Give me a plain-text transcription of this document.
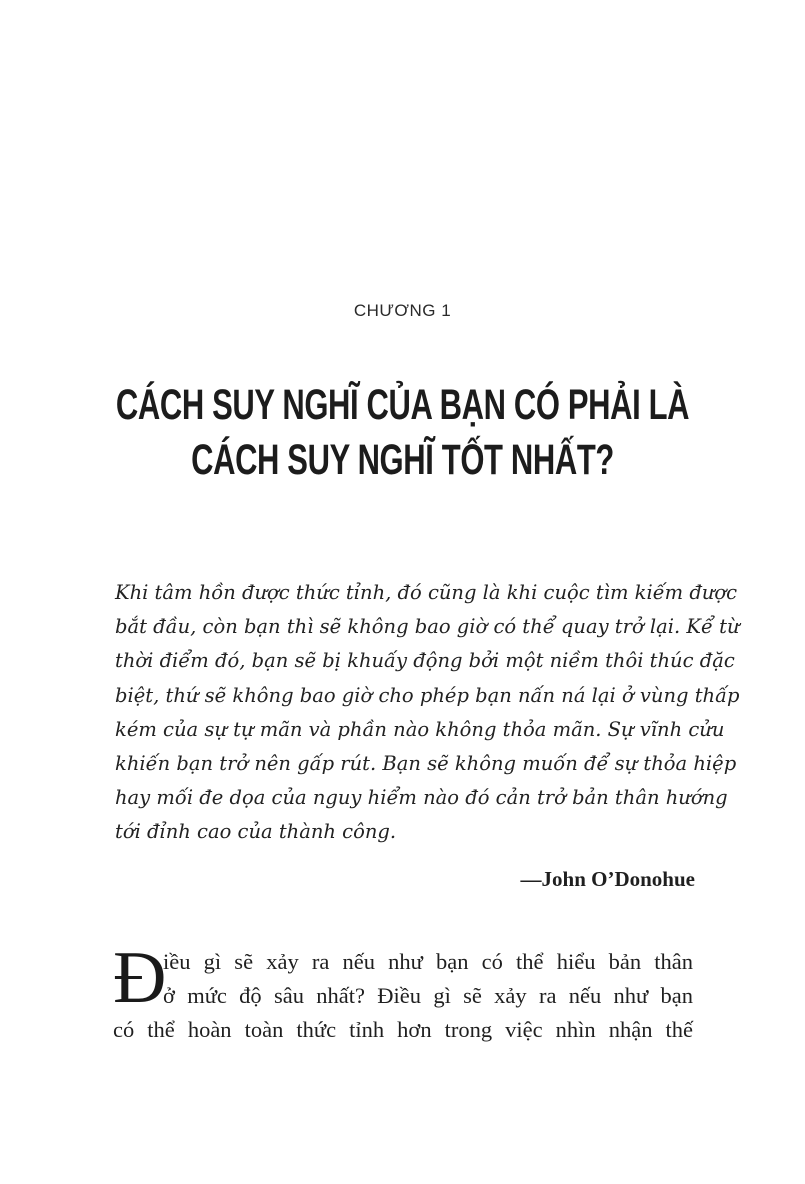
CHƯƠNG 1
CÁCH SUY NGHĨ CỦA BẠN CÓ PHẢI LÀ
CÁCH SUY NGHĨ TỐT NHẤT?
Khi tâm hồn được thức tỉnh, đó cũng là khi cuộc tìm kiếm được
bắt đầu, còn bạn thì sẽ không bao giờ có thể quay trở lại. Kể từ
thời điểm đó, bạn sẽ bị khuấy động bởi một niềm thôi thúc đặc
biệt, thứ sẽ không bao giờ cho phép bạn nấn ná lại ở vùng thấp
kém của sự tự mãn và phần nào không thỏa mãn. Sự vĩnh cửu
khiến bạn trở nên gấp rút. Bạn sẽ không muốn để sự thỏa hiệp
hay mối đe dọa của nguy hiểm nào đó cản trở bản thân hướng
tới đỉnh cao của thành công.
—John O’Donohue
Đ
iều gì sẽ xảy ra nếu như bạn có thể hiểu bản thân
ở mức độ sâu nhất? Điều gì sẽ xảy ra nếu như bạn
có thể hoàn toàn thức tỉnh hơn trong việc nhìn nhận thế
